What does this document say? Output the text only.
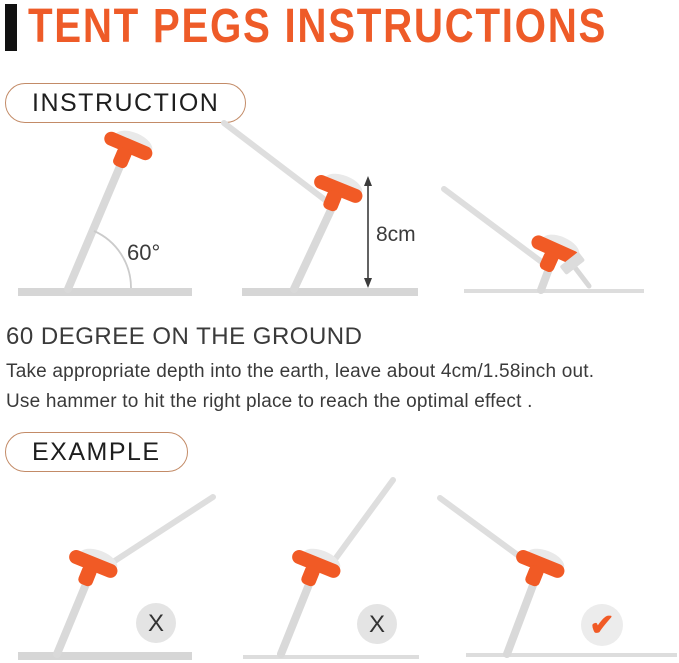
TENT PEGS INSTRUCTIONS
INSTRUCTION
60°
8cm

60 DEGREE ON THE GROUND

Take appropriate depth into the earth, leave about 4cm/1.58inch out.
Use hammer to hit the right place to reach the optimal effect .

EXAMPLE
X	X	✔
